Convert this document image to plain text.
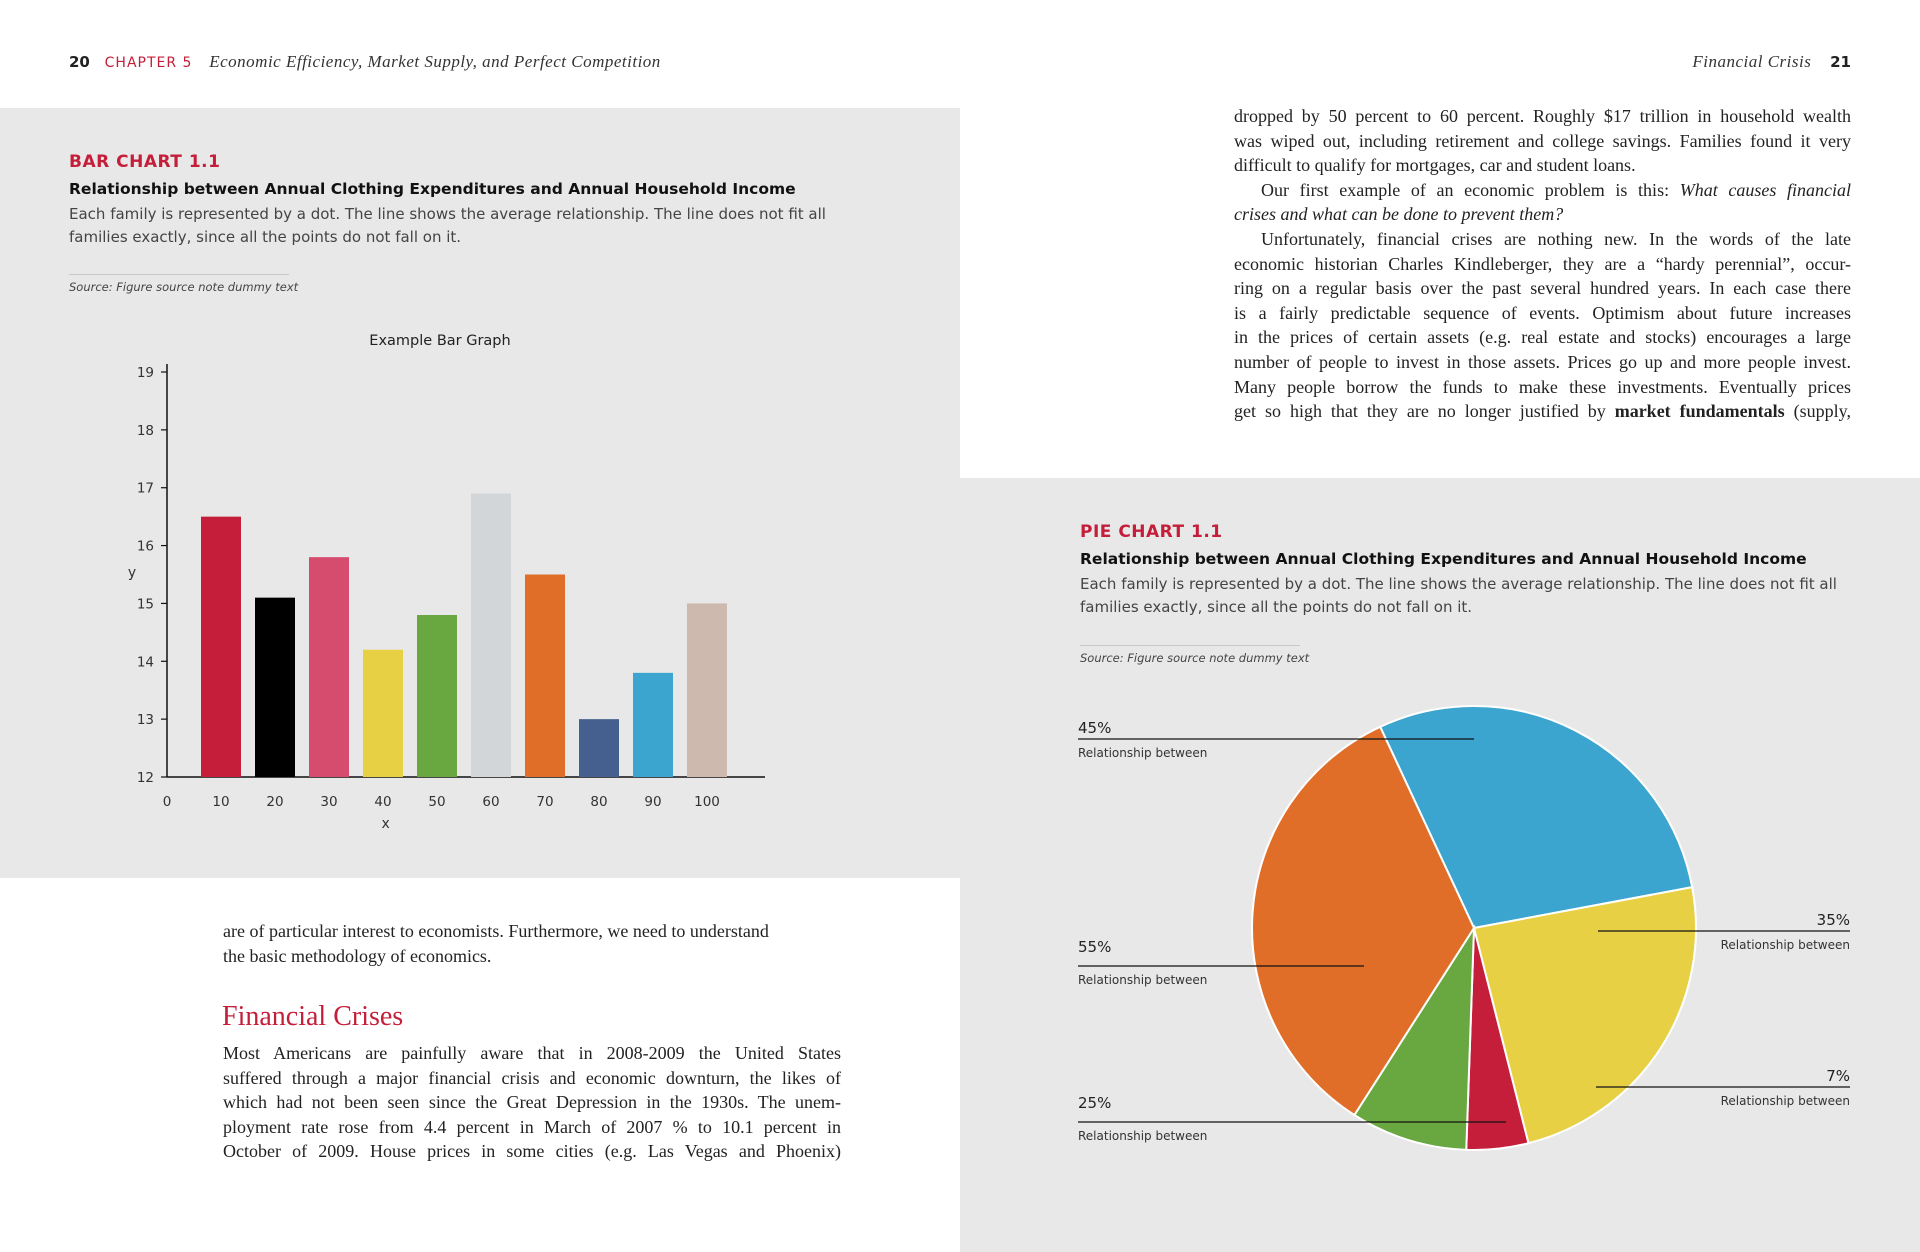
20 CHAPTER 5 Economic Efficiency, Market Supply, and Perfect Competition	Financial Crisis 21
BAR CHART 1.1
Relationship between Annual Clothing Expenditures and Annual Household Income
Each family is represented by a dot. The line shows the average relationship. The line does not fit all
families exactly, since all the points do not fall on it.
Source: Figure source note dummy text
Example Bar Graph
12
13
14
15
16
17
18
19
y
0	10	20	30	40	50	60	70	80	90 100
x
are of particular interest to economists. Furthermore, we need to understand
the basic methodology of economics.
Financial Crises
Most Americans are painfully aware that in 2008-2009 the United States
suffered through a major financial crisis and economic downturn, the likes of
which had not been seen since the Great Depression in the 1930s. The unem-
ployment rate rose from 4.4 percent in March of 2007 % to 10.1 percent in
October of 2009. House prices in some cities (e.g. Las Vegas and Phoenix)
dropped by 50 percent to 60 percent. Roughly $17 trillion in household wealth
was wiped out, including retirement and college savings. Families found it very
difficult to qualify for mortgages, car and student loans.
Our first example of an economic problem is this: What causes financial
crises and what can be done to prevent them?
Unfortunately, financial crises are nothing new. In the words of the late
economic historian Charles Kindleberger, they are a “hardy perennial”, occur-
ring on a regular basis over the past several hundred years. In each case there
is a fairly predictable sequence of events. Optimism about future increases
in the prices of certain assets (e.g. real estate and stocks) encourages a large
number of people to invest in those assets. Prices go up and more people invest.
Many people borrow the funds to make these investments. Eventually prices
get so high that they are no longer justified by market fundamentals (supply,
PIE CHART 1.1
Relationship between Annual Clothing Expenditures and Annual Household Income
Each family is represented by a dot. The line shows the average relationship. The line does not fit all
families exactly, since all the points do not fall on it.
Source: Figure source note dummy text
45%
Relationship between
55%
Relationship between
25%
Relationship between
35%
Relationship between
7%
Relationship between
